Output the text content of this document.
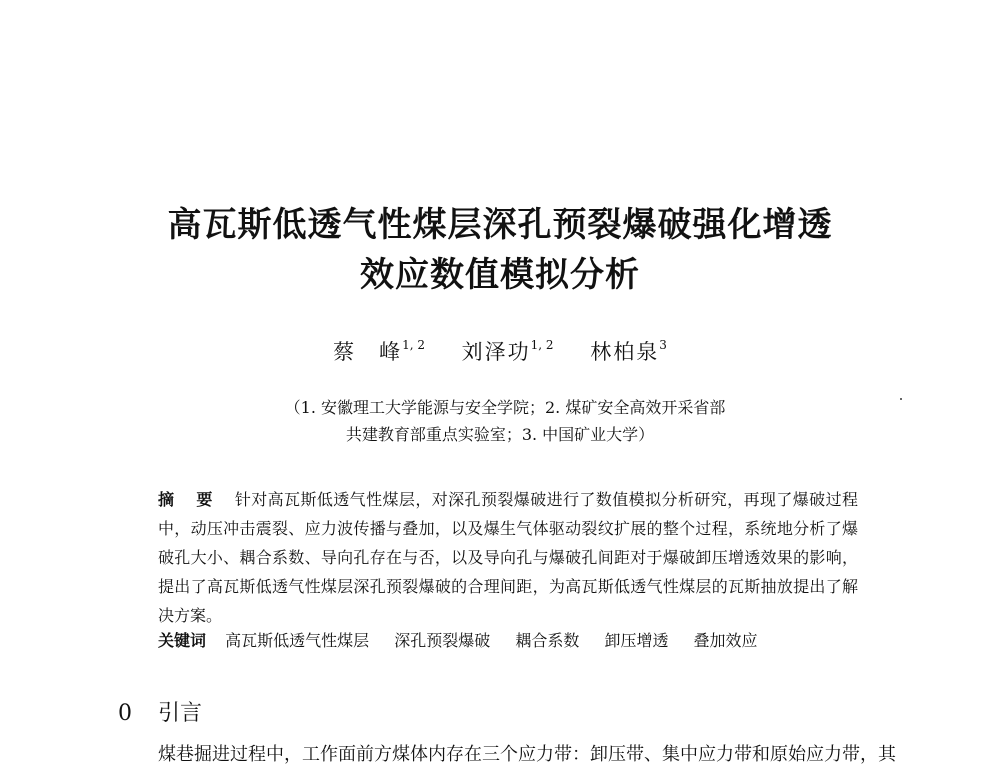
高瓦斯低透气性煤层深孔预裂爆破强化增透
效应数值模拟分析
蔡　峰$^{1, 2}$ 刘泽功$^{1, 2}$ 林柏泉$^3$
（1. 安徽理工大学能源与安全学院；2. 煤矿安全高效开采省部
共建教育部重点实验室；3. 中国矿业大学）
摘 要 针对高瓦斯低透气性煤层，对深孔预裂爆破进行了数值模拟分析研究，再现了爆破过程中，动压冲击震裂、应力波传播与叠加，以及爆生气体驱动裂纹扩展的整个过程，系统地分析了爆破孔大小、耦合系数、导向孔存在与否，以及导向孔与爆破孔间距对于爆破卸压增透效果的影响，提出了高瓦斯低透气性煤层深孔预裂爆破的合理间距，为高瓦斯低透气性煤层的瓦斯抽放提出了解决方案。
关键词 高瓦斯低透气性煤层 深孔预裂爆破 耦合系数 卸压增透 叠加效应
0 引言
煤巷掘进过程中，工作面前方煤体内存在三个应力带：卸压带、集中应力带和原始应力带，其
